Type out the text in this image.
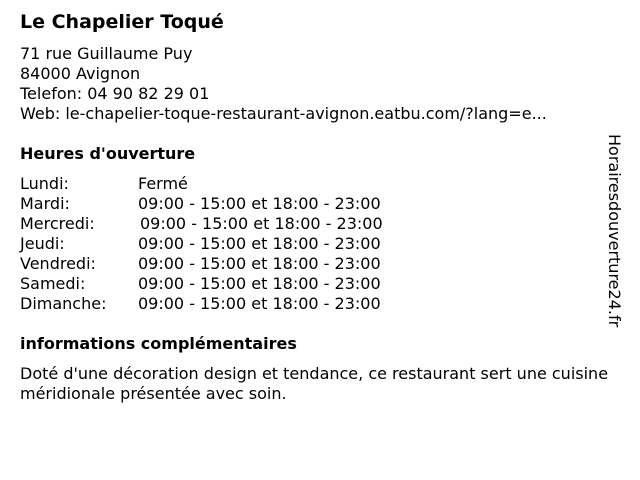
Le Chapelier Toqué
71 rue Guillaume Puy
84000 Avignon
Telefon: 04 90 82 29 01
Web: le-chapelier-toque-restaurant-avignon.eatbu.com/?lang=e...
Heures d'ouverture
Lundi:	Fermé
Mardi:	09:00 - 15:00 et 18:00 - 23:00
Mercredi:	09:00 - 15:00 et 18:00 - 23:00
Jeudi:	09:00 - 15:00 et 18:00 - 23:00
Vendredi:	09:00 - 15:00 et 18:00 - 23:00
Samedi:	09:00 - 15:00 et 18:00 - 23:00
Dimanche: 09:00 - 15:00 et 18:00 - 23:00
informations complémentaires

Doté d'une décoration design et tendance, ce restaurant sert une cuisine méridionale présentée avec soin.

Horairesdouverture24.fr
